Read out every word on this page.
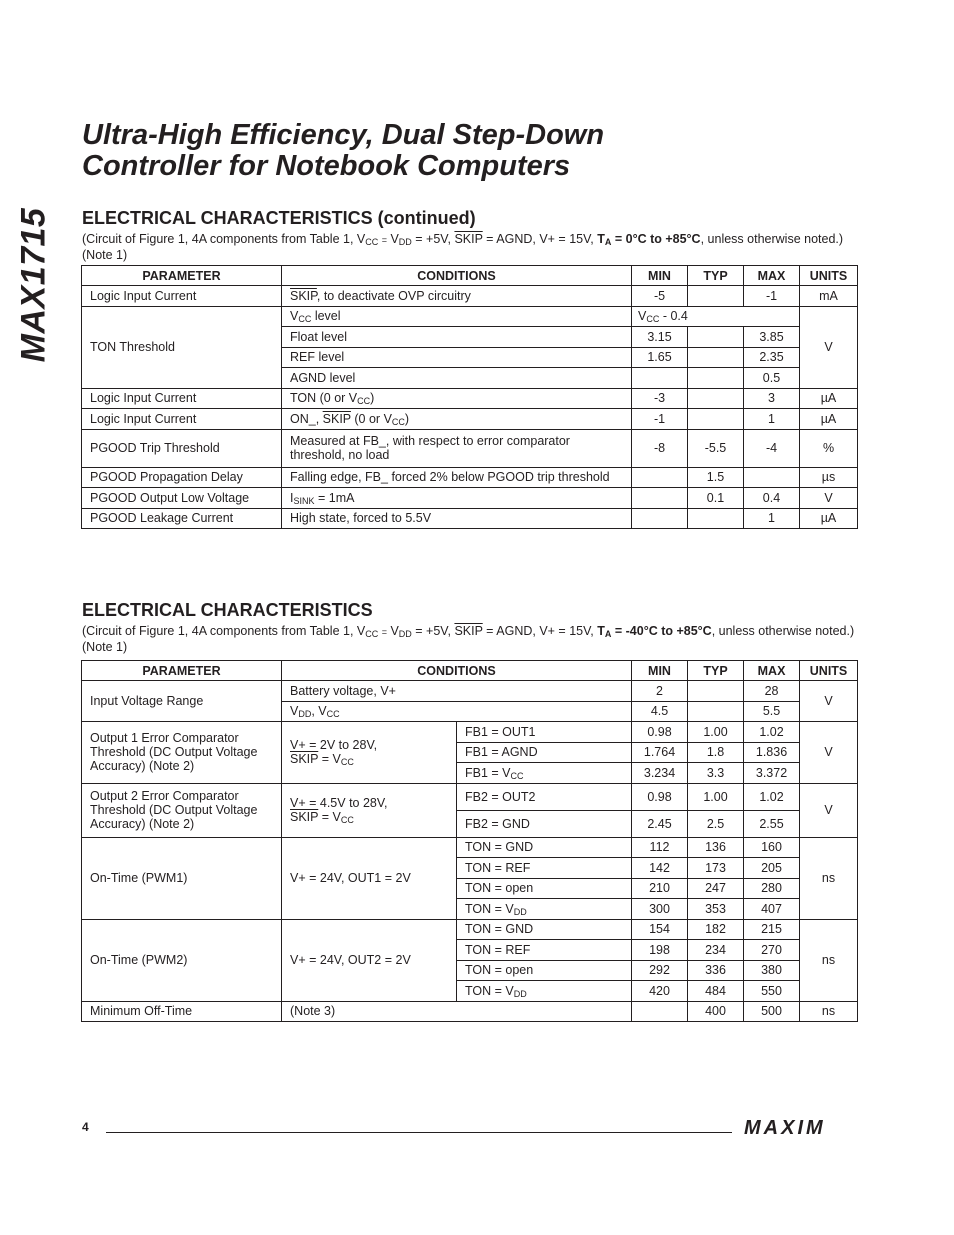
MAX1715
Ultra-High Efficiency, Dual Step-Down
Controller for Notebook Computers
ELECTRICAL CHARACTERISTICS (continued)
(Circuit of Figure 1, 4A components from Table 1, $V_{CC} = V_{DD} = +5V$, SKIP = AGND, V+ = 15V, $T_A = 0^\circ C$ to +85°C, unless otherwise noted.) (Note 1)
PARAMETER	CONDITIONS	MIN	TYP	MAX	UNITS
Logic Input Current	SKIP, to deactivate OVP circuitry	-5		-1	mA
TON Threshold	$V_{CC}$ level	$V_{CC} - 0.4$			V
	Float level	3.15		3.85	
	REF level	1.65		2.35	
	AGND level			0.5	
Logic Input Current	TON (0 or $V_{CC}$)	-3		3	µA
Logic Input Current	ON_, SKIP (0 or $V_{CC}$)	-1		1	µA
PGOOD Trip Threshold	Measured at FB_, with respect to error comparator threshold, no load	-8	-5.5	-4	%
PGOOD Propagation Delay	Falling edge, FB_ forced 2% below PGOOD trip threshold		1.5		µs
PGOOD Output Low Voltage	$I_{SINK} = 1mA$		0.1	0.4	V
PGOOD Leakage Current	High state, forced to 5.5V			1	µA
ELECTRICAL CHARACTERISTICS
(Circuit of Figure 1, 4A components from Table 1, $V_{CC} = V_{DD} = +5V$, SKIP = AGND, V+ = 15V, $T_A = -40^\circ C$ to +85°C, unless otherwise noted.) (Note 1)
PARAMETER	CONDITIONS		MIN	TYP	MAX	UNITS
Input Voltage Range	Battery voltage, V+		2		28	V
	$V_{DD}$, $V_{CC}$		4.5		5.5	
Output 1 Error Comparator Threshold (DC Output Voltage Accuracy) (Note 2)	V+ = 2V to 28V,
SKIP = $V_{CC}$	FB1 = OUT1	0.98	1.00	1.02	V
		FB1 = AGND	1.764	1.8	1.836	
		$FB1 = V_{CC}$	3.234	3.3	3.372	
Output 2 Error Comparator Threshold (DC Output Voltage Accuracy) (Note 2)	V+ = 4.5V to 28V,
SKIP = $V_{CC}$	FB2 = OUT2	0.98	1.00	1.02	V
		FB2 = GND	2.45	2.5	2.55	
On-Time (PWM1)	V+ = 24V, OUT1 = 2V	TON = GND	112	136	160	ns
		TON = REF	142	173	205	
		TON = open	210	247	280	
		TON = $V_{DD}$	300	353	407	
On-Time (PWM2)	V+ = 24V, OUT2 = 2V	TON = GND	154	182	215	ns
		TON = REF	198	234	270	
		TON = open	292	336	380	
		TON = $V_{DD}$	420	484	550	
Minimum Off-Time	(Note 3)			400	500	ns
4	MAXIM
